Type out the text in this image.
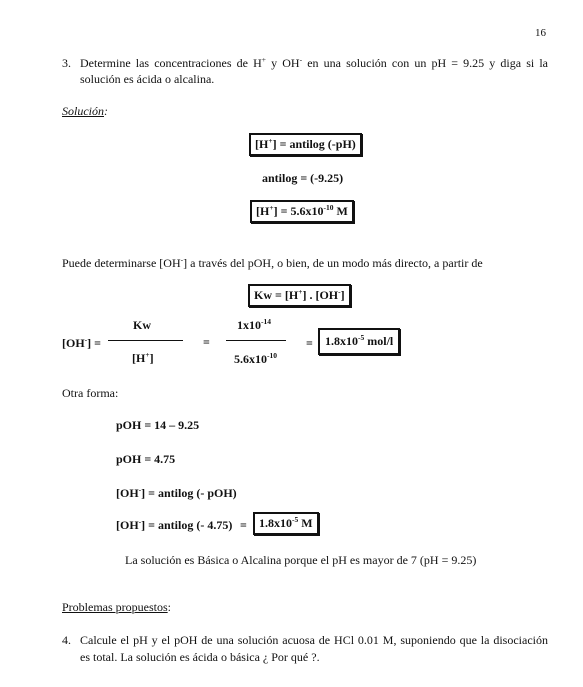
16
3. Determine las concentraciones de H+ y OH- en una solución con un pH = 9.25 y diga si la
solución es ácida o alcalina.
Solución:
[H+] = antilog (-pH)
antilog = (-9.25)
$[H^+] = 5.6x10^{-10}$ M
Puede determinarse [OH-] a través del pOH, o bien, de un modo más directo, a partir de
Kw = [H+] . [OH-]
[OH-] =
Kw
[H+]
=
$1x10^{-14}$
$5.6x10^{-10}$
=	$1.8x10^{-5}$ mol/l
Otra forma:
pOH = 14 – 9.25
pOH = 4.75
[OH-] = antilog (- pOH)
[OH-] = antilog (- 4.75) =	$1.8x10^{-5}$ M
La solución es Básica o Alcalina porque el pH es mayor de 7 (pH = 9.25)
Problemas propuestos:
4. Calcule el pH y el pOH de una solución acuosa de HCl 0.01 M, suponiendo que la disociación
es total. La solución es ácida o básica ¿ Por qué ?.
